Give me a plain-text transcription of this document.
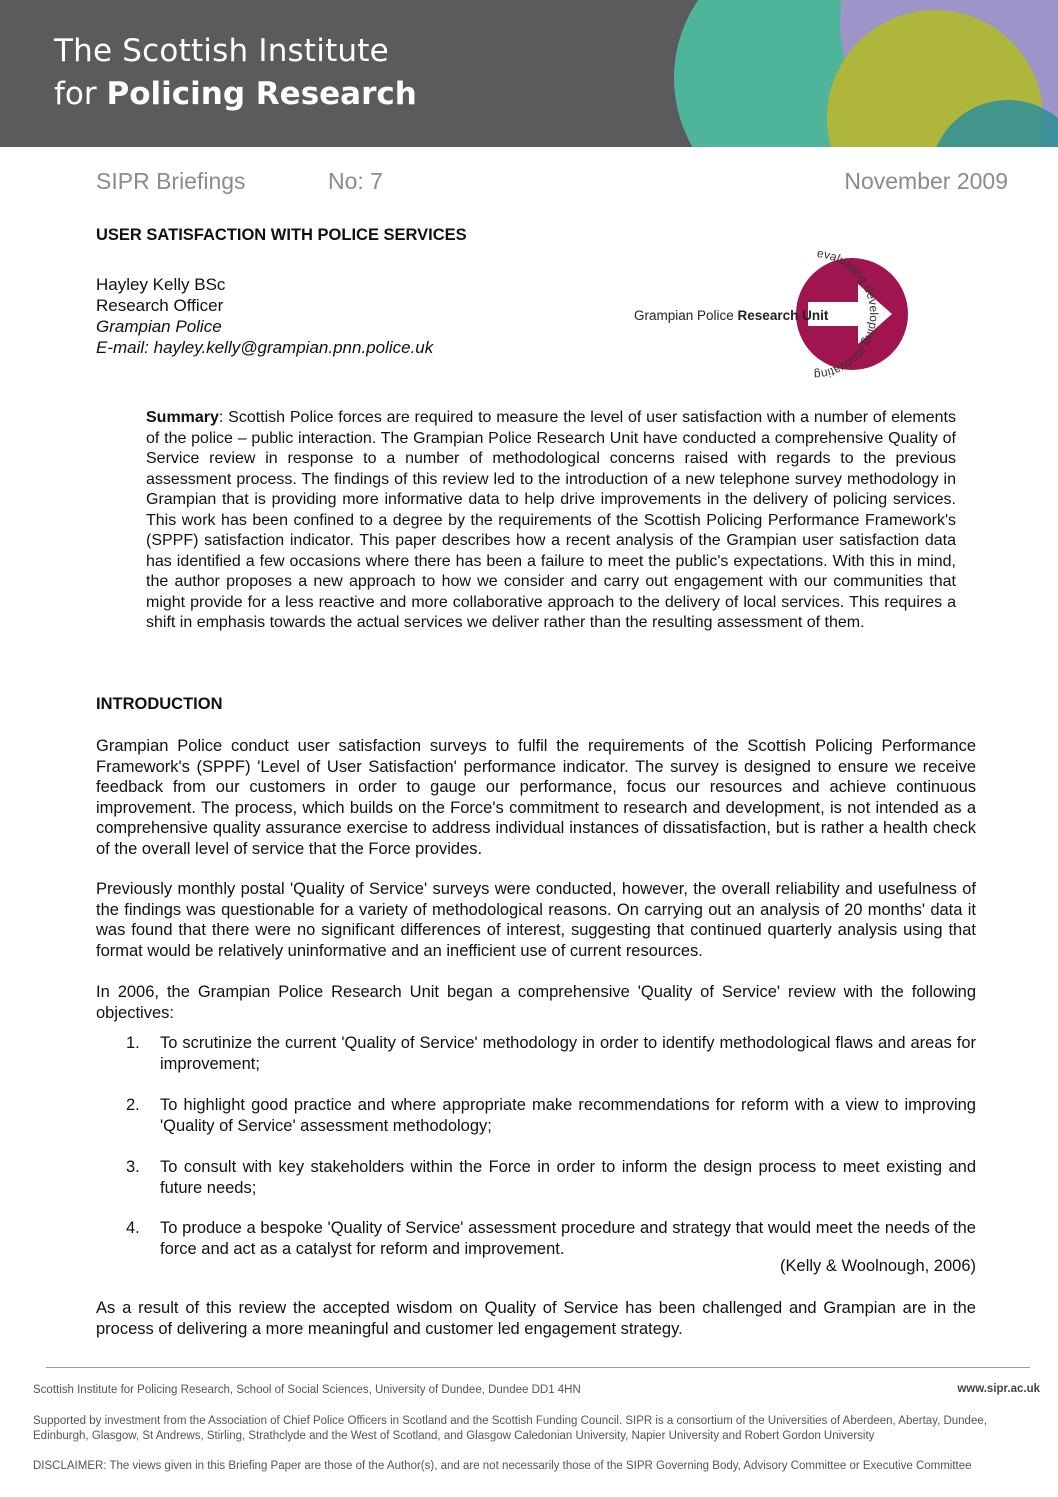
The Scottish Institute
for Policing Research
SIPR Briefings	No: 7	November 2009
USER SATISFACTION WITH POLICE SERVICES
Hayley Kelly BSc
Research Officer
Grampian Police
E-mail: hayley.kelly@grampian.pnn.police.uk
evaluating developing innovating
Grampian Police Research Unit
Summary: Scottish Police forces are required to measure the level of user satisfaction with a number of elements of the police – public interaction. The Grampian Police Research Unit have conducted a comprehensive Quality of Service review in response to a number of methodological concerns raised with regards to the previous assessment process. The findings of this review led to the introduction of a new telephone survey methodology in Grampian that is providing more informative data to help drive improvements in the delivery of policing services. This work has been confined to a degree by the requirements of the Scottish Policing Performance Framework's (SPPF) satisfaction indicator. This paper describes how a recent analysis of the Grampian user satisfaction data has identified a few occasions where there has been a failure to meet the public's expectations. With this in mind, the author proposes a new approach to how we consider and carry out engagement with our communities that might provide for a less reactive and more collaborative approach to the delivery of local services. This requires a shift in emphasis towards the actual services we deliver rather than the resulting assessment of them.
INTRODUCTION

Grampian Police conduct user satisfaction surveys to fulfil the requirements of the Scottish Policing Performance Framework's (SPPF) 'Level of User Satisfaction' performance indicator. The survey is designed to ensure we receive feedback from our customers in order to gauge our performance, focus our resources and achieve continuous improvement. The process, which builds on the Force's commitment to research and development, is not intended as a comprehensive quality assurance exercise to address individual instances of dissatisfaction, but is rather a health check of the overall level of service that the Force provides.

Previously monthly postal 'Quality of Service' surveys were conducted, however, the overall reliability and usefulness of the findings was questionable for a variety of methodological reasons. On carrying out an analysis of 20 months' data it was found that there were no significant differences of interest, suggesting that continued quarterly analysis using that format would be relatively uninformative and an inefficient use of current resources.

In 2006, the Grampian Police Research Unit began a comprehensive 'Quality of Service' review with the following objectives:

1.	To scrutinize the current 'Quality of Service' methodology in order to identify methodological flaws and areas for improvement;
2.	To highlight good practice and where appropriate make recommendations for reform with a view to improving 'Quality of Service' assessment methodology;
3.	To consult with key stakeholders within the Force in order to inform the design process to meet existing and future needs;
4.	To produce a bespoke 'Quality of Service' assessment procedure and strategy that would meet the needs of the force and act as a catalyst for reform and improvement.
(Kelly & Woolnough, 2006)

As a result of this review the accepted wisdom on Quality of Service has been challenged and Grampian are in the process of delivering a more meaningful and customer led engagement strategy.

Scottish Institute for Policing Research, School of Social Sciences, University of Dundee, Dundee DD1 4HN	www.sipr.ac.uk
Supported by investment from the Association of Chief Police Officers in Scotland and the Scottish Funding Council. SIPR is a consortium of the Universities of Aberdeen, Abertay, Dundee, Edinburgh, Glasgow, St Andrews, Stirling, Strathclyde and the West of Scotland, and Glasgow Caledonian University, Napier University and Robert Gordon University
DISCLAIMER: The views given in this Briefing Paper are those of the Author(s), and are not necessarily those of the SIPR Governing Body, Advisory Committee or Executive Committee
